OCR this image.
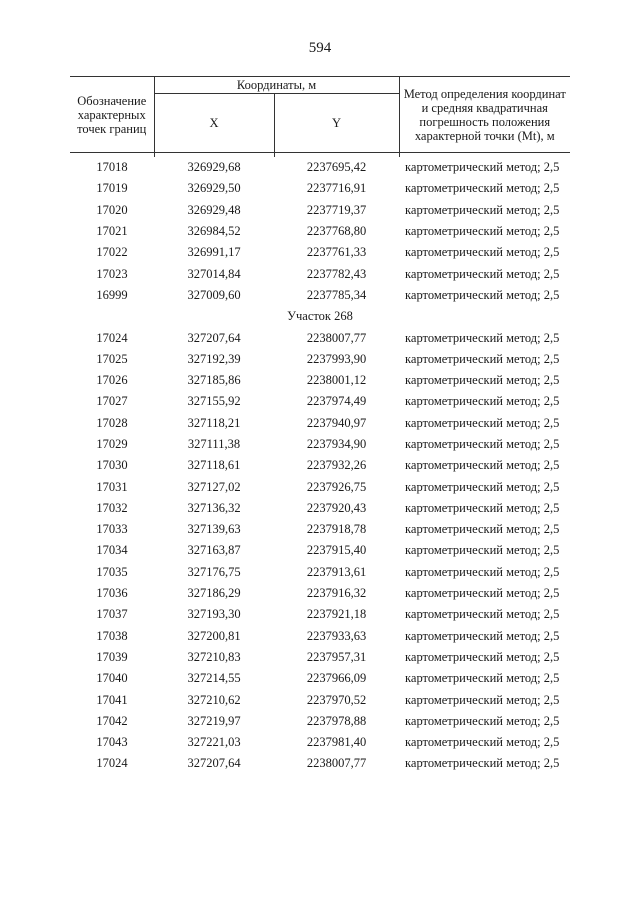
594
Обозначение характерных точек границ	Координаты, м		Метод определения координат и средняя квадратичная погрешность положения характерной точки (Mt), м
	X	Y	

17018	326929,68	2237695,42	картометрический метод; 2,5
17019	326929,50	2237716,91	картометрический метод; 2,5
17020	326929,48	2237719,37	картометрический метод; 2,5
17021	326984,52	2237768,80	картометрический метод; 2,5
17022	326991,17	2237761,33	картометрический метод; 2,5
17023	327014,84	2237782,43	картометрический метод; 2,5
16999	327009,60	2237785,34	картометрический метод; 2,5
Участок 268			
17024	327207,64	2238007,77	картометрический метод; 2,5
17025	327192,39	2237993,90	картометрический метод; 2,5
17026	327185,86	2238001,12	картометрический метод; 2,5
17027	327155,92	2237974,49	картометрический метод; 2,5
17028	327118,21	2237940,97	картометрический метод; 2,5
17029	327111,38	2237934,90	картометрический метод; 2,5
17030	327118,61	2237932,26	картометрический метод; 2,5
17031	327127,02	2237926,75	картометрический метод; 2,5
17032	327136,32	2237920,43	картометрический метод; 2,5
17033	327139,63	2237918,78	картометрический метод; 2,5
17034	327163,87	2237915,40	картометрический метод; 2,5
17035	327176,75	2237913,61	картометрический метод; 2,5
17036	327186,29	2237916,32	картометрический метод; 2,5
17037	327193,30	2237921,18	картометрический метод; 2,5
17038	327200,81	2237933,63	картометрический метод; 2,5
17039	327210,83	2237957,31	картометрический метод; 2,5
17040	327214,55	2237966,09	картометрический метод; 2,5
17041	327210,62	2237970,52	картометрический метод; 2,5
17042	327219,97	2237978,88	картометрический метод; 2,5
17043	327221,03	2237981,40	картометрический метод; 2,5
17024	327207,64	2238007,77	картометрический метод; 2,5
